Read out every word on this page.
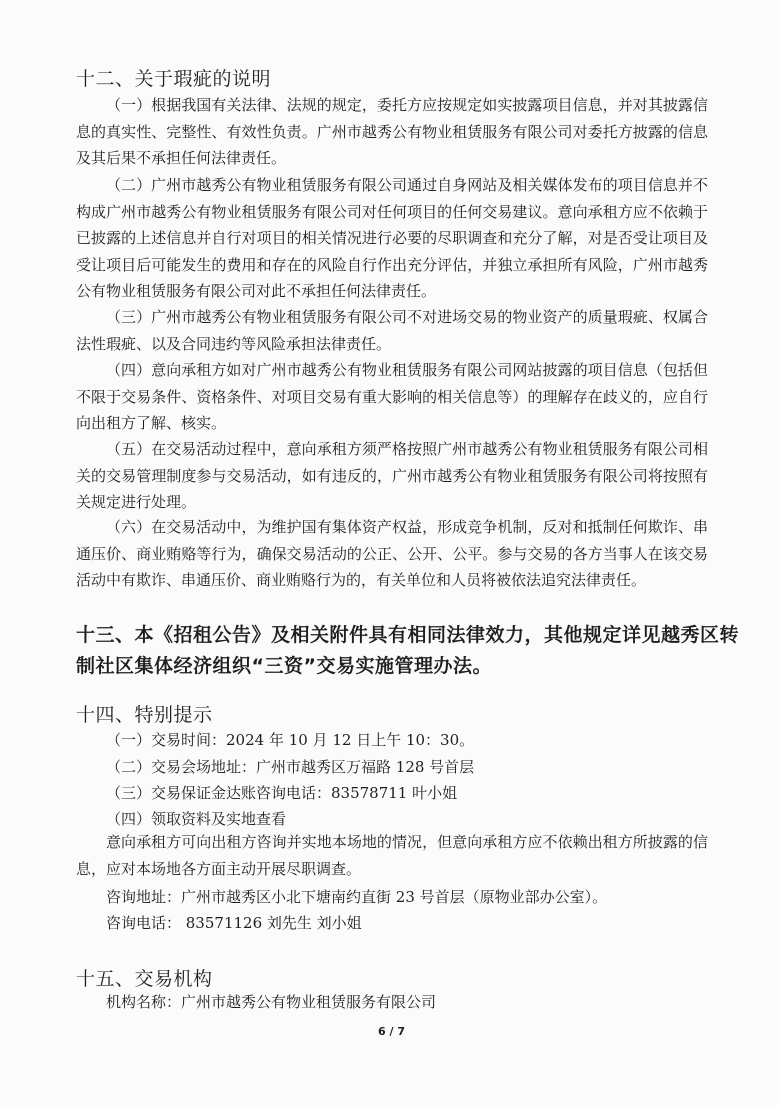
十二、关于瑕疵的说明
（一）根据我国有关法律、法规的规定，委托方应按规定如实披露项目信息，并对其披露信息的真实性、完整性、有效性负责。广州市越秀公有物业租赁服务有限公司对委托方披露的信息及其后果不承担任何法律责任。
（二）广州市越秀公有物业租赁服务有限公司通过自身网站及相关媒体发布的项目信息并不构成广州市越秀公有物业租赁服务有限公司对任何项目的任何交易建议。意向承租方应不依赖于已披露的上述信息并自行对项目的相关情况进行必要的尽职调查和充分了解，对是否受让项目及受让项目后可能发生的费用和存在的风险自行作出充分评估，并独立承担所有风险，广州市越秀公有物业租赁服务有限公司对此不承担任何法律责任。
（三）广州市越秀公有物业租赁服务有限公司不对进场交易的物业资产的质量瑕疵、权属合法性瑕疵、以及合同违约等风险承担法律责任。
（四）意向承租方如对广州市越秀公有物业租赁服务有限公司网站披露的项目信息（包括但不限于交易条件、资格条件、对项目交易有重大影响的相关信息等）的理解存在歧义的，应自行向出租方了解、核实。
（五）在交易活动过程中，意向承租方须严格按照广州市越秀公有物业租赁服务有限公司相关的交易管理制度参与交易活动，如有违反的，广州市越秀公有物业租赁服务有限公司将按照有关规定进行处理。
（六）在交易活动中，为维护国有集体资产权益，形成竞争机制，反对和抵制任何欺诈、串通压价、商业贿赂等行为，确保交易活动的公正、公开、公平。参与交易的各方当事人在该交易活动中有欺诈、串通压价、商业贿赂行为的，有关单位和人员将被依法追究法律责任。
十三、本《招租公告》及相关附件具有相同法律效力，其他规定详见越秀区转
制社区集体经济组织“三资”交易实施管理办法。
十四、特别提示
（一）交易时间：2024 年 10 月 12 日上午 10：30。
（二）交易会场地址：广州市越秀区万福路 128 号首层
（三）交易保证金达账咨询电话：83578711 叶小姐
（四）领取资料及实地查看
意向承租方可向出租方咨询并实地本场地的情况，但意向承租方应不依赖出租方所披露的信息，应对本场地各方面主动开展尽职调查。
咨询地址：广州市越秀区小北下塘南约直街 23 号首层（原物业部办公室）。
咨询电话： 83571126 刘先生 刘小姐
十五、交易机构
机构名称：广州市越秀公有物业租赁服务有限公司
6 / 7
